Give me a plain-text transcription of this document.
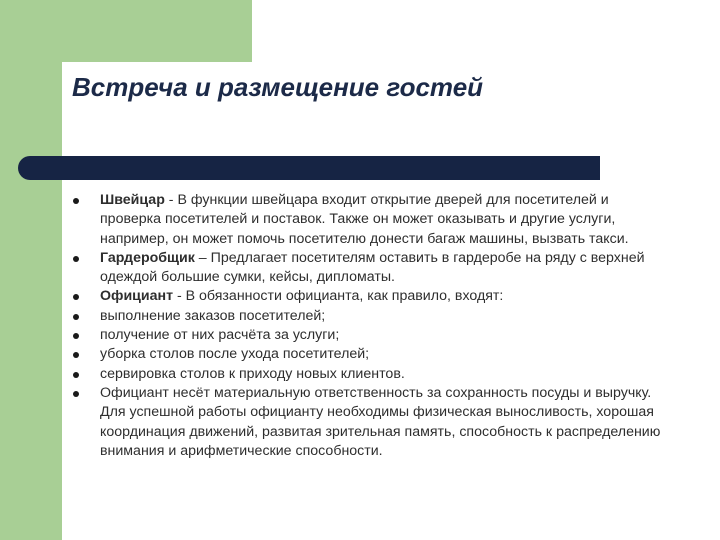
Встреча и размещение гостей
Швейцар - В функции швейцара входит открытие дверей для посетителей и проверка посетителей и поставок. Также он может оказывать и другие услуги, например, он может помочь посетителю донести багаж машины, вызвать такси.
Гардеробщик – Предлагает посетителям оставить в гардеробе на ряду с верхней одеждой большие сумки, кейсы, дипломаты.
Официант - В обязанности официанта, как правило, входят:
выполнение заказов посетителей;
получение от них расчёта за услуги;
уборка столов после ухода посетителей;
сервировка столов к приходу новых клиентов.
Официант несёт материальную ответственность за сохранность посуды и выручку. Для успешной работы официанту необходимы физическая выносливость, хорошая координация движений, развитая зрительная память, способность к распределению внимания и арифметические способности.
